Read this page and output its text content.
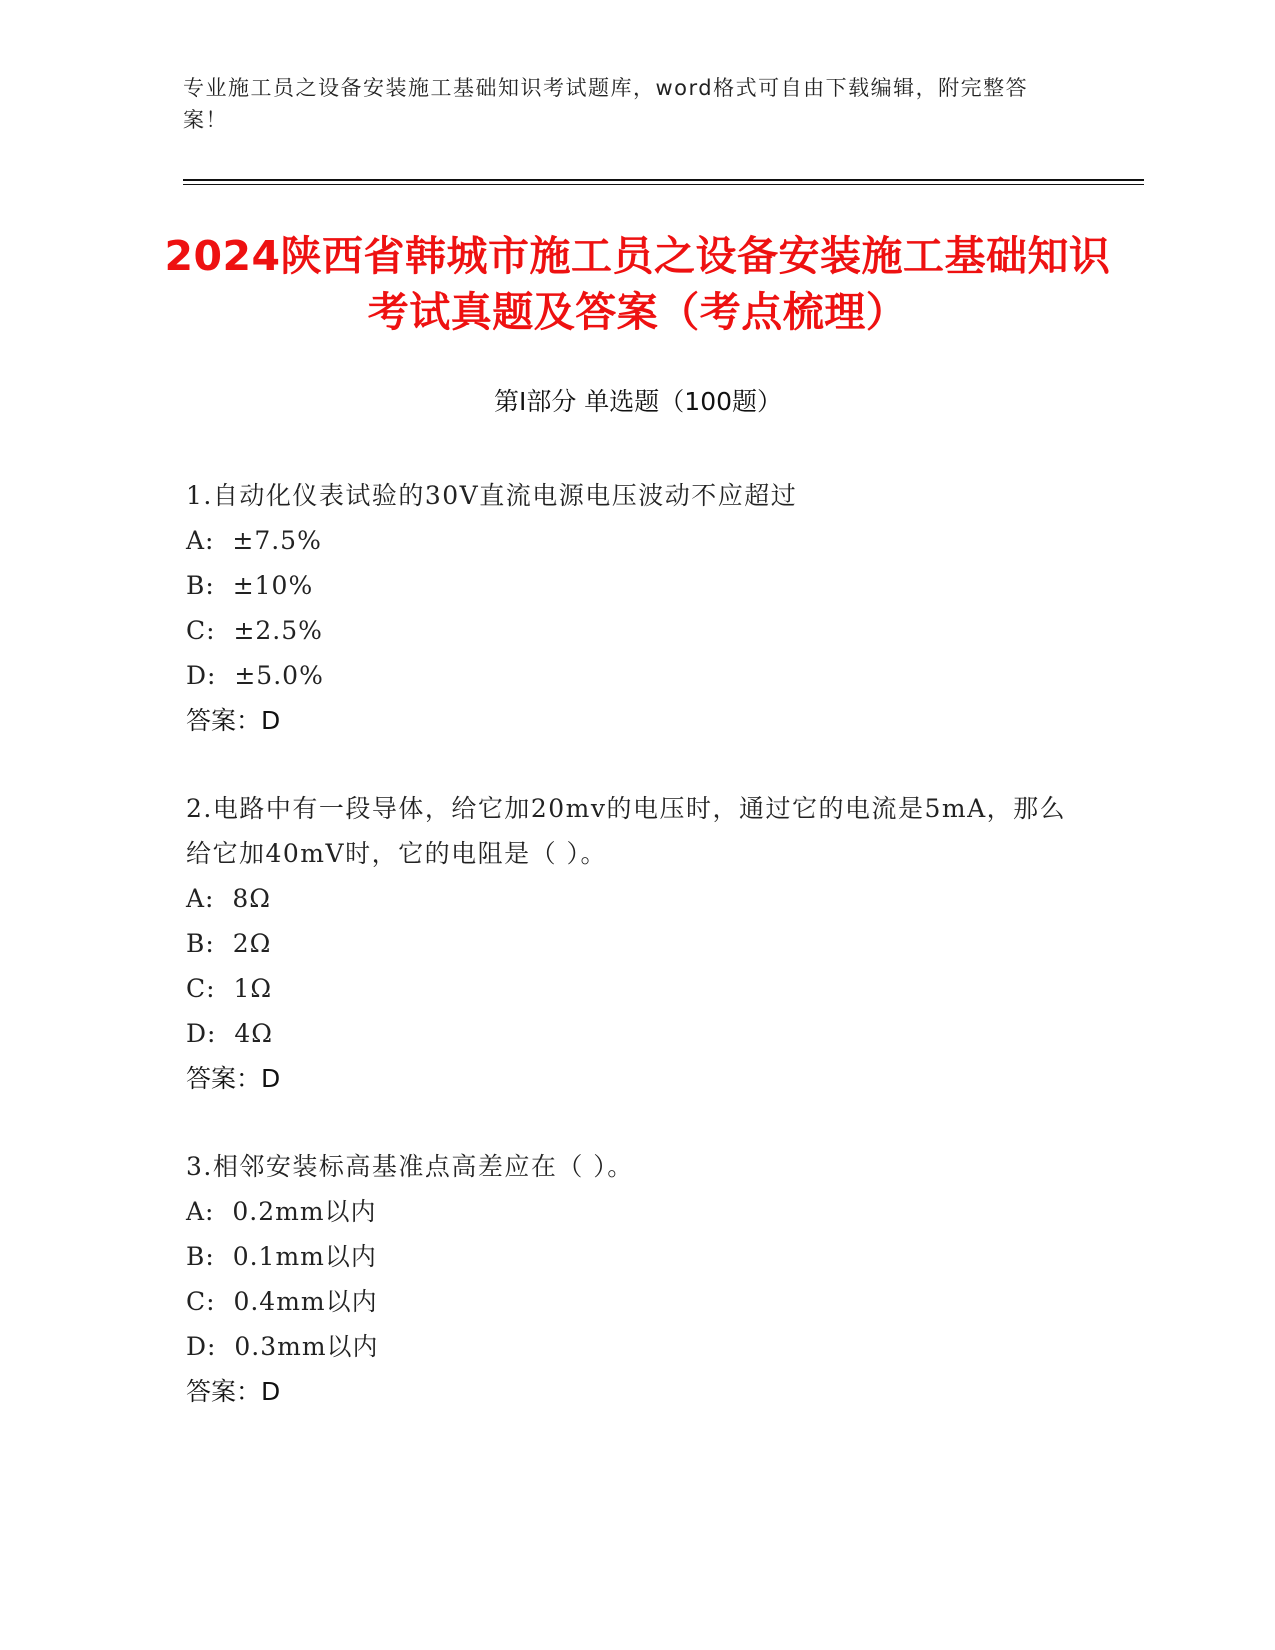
专业施工员之设备安装施工基础知识考试题库，word格式可自由下载编辑，附完整答案！
2024陕西省韩城市施工员之设备安装施工基础知识考试真题及答案（考点梳理）
第Ⅰ部分 单选题（100题）

1.自动化仪表试验的30V直流电源电压波动不应超过

A:  ±7.5%

B:  ±10%

C:  ±2.5%

D:  ±5.0%

答案：D

2.电路中有一段导体，给它加20mv的电压时，通过它的电流是5mA，那么给它加40mV时，它的电阻是（ ）。

A:  8Ω

B:  2Ω

C:  1Ω

D:  4Ω

答案：D

3.相邻安装标高基准点高差应在（ ）。

A:  0.2mm以内

B:  0.1mm以内

C:  0.4mm以内

D:  0.3mm以内

答案：D
